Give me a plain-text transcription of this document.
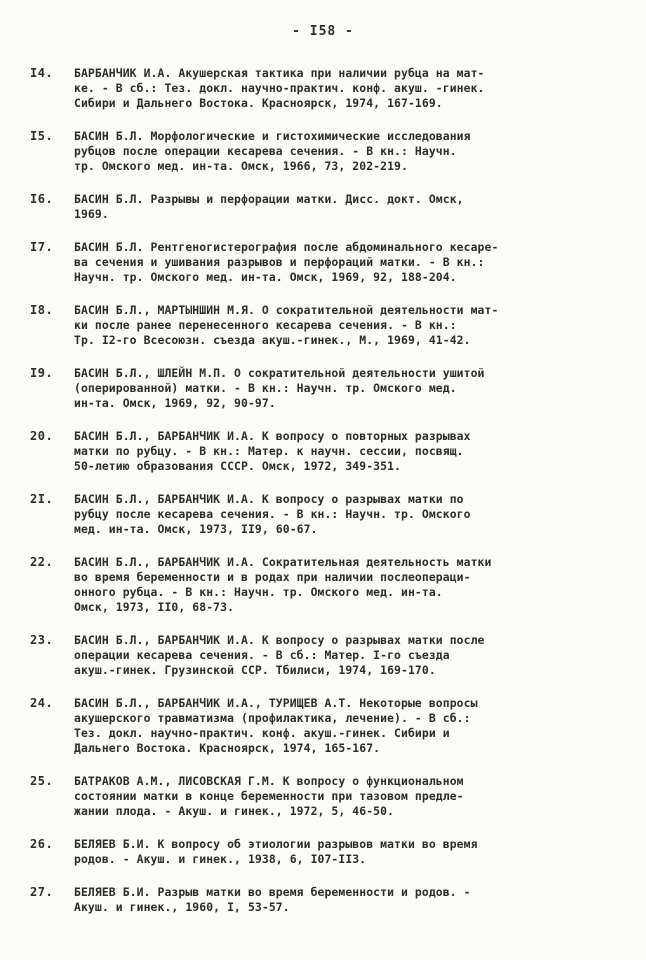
- I58 -
I4. БАРБАНЧИК И.А. Акушерская тактика при наличии рубца на мат-
ке. - В сб.: Тез. докл. научно-практич. конф. акуш. -гинек.
Сибири и Дальнего Востока. Красноярск, 1974, 167-169.
I5. БАСИН Б.Л. Морфологические и гистохимические исследования
рубцов после операции кесарева сечения. - В кн.: Научн.
тр. Омского мед. ин-та. Омск, 1966, 73, 202-219.
I6. БАСИН Б.Л. Разрывы и перфорации матки. Дисс. докт. Омск,
1969.
I7. БАСИН Б.Л. Рентгеногистерография после абдоминального кесаре-
ва сечения и ушивания разрывов и перфораций матки. - В кн.:
Научн. тр. Омского мед. ин-та. Омск, 1969, 92, 188-204.
I8. БАСИН Б.Л., МАРТЫНШИН М.Я. О сократительной деятельности мат-
ки после ранее перенесенного кесарева сечения. - В кн.:
Тр. I2-го Всесоюзн. съезда акуш.-гинек., М., 1969, 41-42.
I9. БАСИН Б.Л., ШЛЕЙН М.П. О сократительной деятельности ушитой
(оперированной) матки. - В кн.: Научн. тр. Омского мед.
ин-та. Омск, 1969, 92, 90-97.
20. БАСИН Б.Л., БАРБАНЧИК И.А. К вопросу о повторных разрывах
матки по рубцу. - В кн.: Матер. к научн. сессии, посвящ.
50-летию образования СССР. Омск, 1972, 349-351.
2I. БАСИН Б.Л., БАРБАНЧИК И.А. К вопросу о разрывах матки по
рубцу после кесарева сечения. - В кн.: Научн. тр. Омского
мед. ин-та. Омск, 1973, II9, 60-67.
22. БАСИН Б.Л., БАРБАНЧИК И.А. Сократительная деятельность матки
во время беременности и в родах при наличии послеопераци-
онного рубца. - В кн.: Научн. тр. Омского мед. ин-та.
Омск, 1973, II0, 68-73.
23. БАСИН Б.Л., БАРБАНЧИК И.А. К вопросу о разрывах матки после
операции кесарева сечения. - В сб.: Матер. I-го съезда
акуш.-гинек. Грузинской ССР. Тбилиси, 1974, 169-170.
24. БАСИН Б.Л., БАРБАНЧИК И.А., ТУРИЩЕВ А.Т. Некоторые вопросы
акушерского травматизма (профилактика, лечение). - В сб.:
Тез. докл. научно-практич. конф. акуш.-гинек. Сибири и
Дальнего Востока. Красноярск, 1974, 165-167.
25. БАТРАКОВ А.М., ЛИСОВСКАЯ Г.М. К вопросу о функциональном
состоянии матки в конце беременности при тазовом предле-
жании плода. - Акуш. и гинек., 1972, 5, 46-50.
26. БЕЛЯЕВ Б.И. К вопросу об этиологии разрывов матки во время
родов. - Акуш. и гинек., 1938, 6, I07-II3.
27. БЕЛЯЕВ Б.И. Разрыв матки во время беременности и родов. -
Акуш. и гинек., 1960, I, 53-57.
